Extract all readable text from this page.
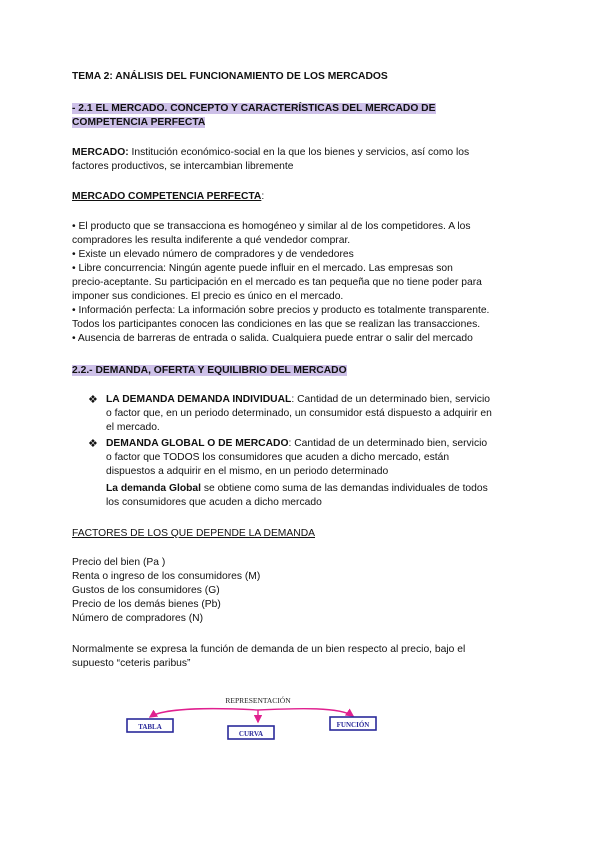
TEMA 2: ANÁLISIS DEL FUNCIONAMIENTO DE LOS MERCADOS
- 2.1 EL MERCADO. CONCEPTO Y CARACTERÍSTICAS DEL MERCADO DE
COMPETENCIA PERFECTA
MERCADO: Institución económico-social en la que los bienes y servicios, así como los
factores productivos, se intercambian libremente
MERCADO COMPETENCIA PERFECTA:
• El producto que se transacciona es homogéneo y similar al de los competidores. A los
compradores les resulta indiferente a qué vendedor comprar.
• Existe un elevado número de compradores y de vendedores
• Libre concurrencia: Ningún agente puede influir en el mercado. Las empresas son
precio-aceptante. Su participación en el mercado es tan pequeña que no tiene poder para
imponer sus condiciones. El precio es único en el mercado.
• Información perfecta: La información sobre precios y producto es totalmente transparente.
Todos los participantes conocen las condiciones en las que se realizan las transacciones.
• Ausencia de barreras de entrada o salida. Cualquiera puede entrar o salir del mercado
2.2.- DEMANDA, OFERTA Y EQUILIBRIO DEL MERCADO
❖ LA DEMANDA DEMANDA INDIVIDUAL: Cantidad de un determinado bien, servicio
o factor que, en un periodo determinado, un consumidor está dispuesto a adquirir en
el mercado.
❖ DEMANDA GLOBAL O DE MERCADO: Cantidad de un determinado bien, servicio
o factor que TODOS los consumidores que acuden a dicho mercado, están
dispuestos a adquirir en el mismo, en un periodo determinado
La demanda Global se obtiene como suma de las demandas individuales de todos
los consumidores que acuden a dicho mercado
FACTORES DE LOS QUE DEPENDE LA DEMANDA
Precio del bien (Pa )
Renta o ingreso de los consumidores (M)
Gustos de los consumidores (G)
Precio de los demás bienes (Pb)
Número de compradores (N)
Normalmente se expresa la función de demanda de un bien respecto al precio, bajo el
supuesto “ceteris paribus”
REPRESENTACIÓN
TABLA
CURVA
FUNCIÓN
